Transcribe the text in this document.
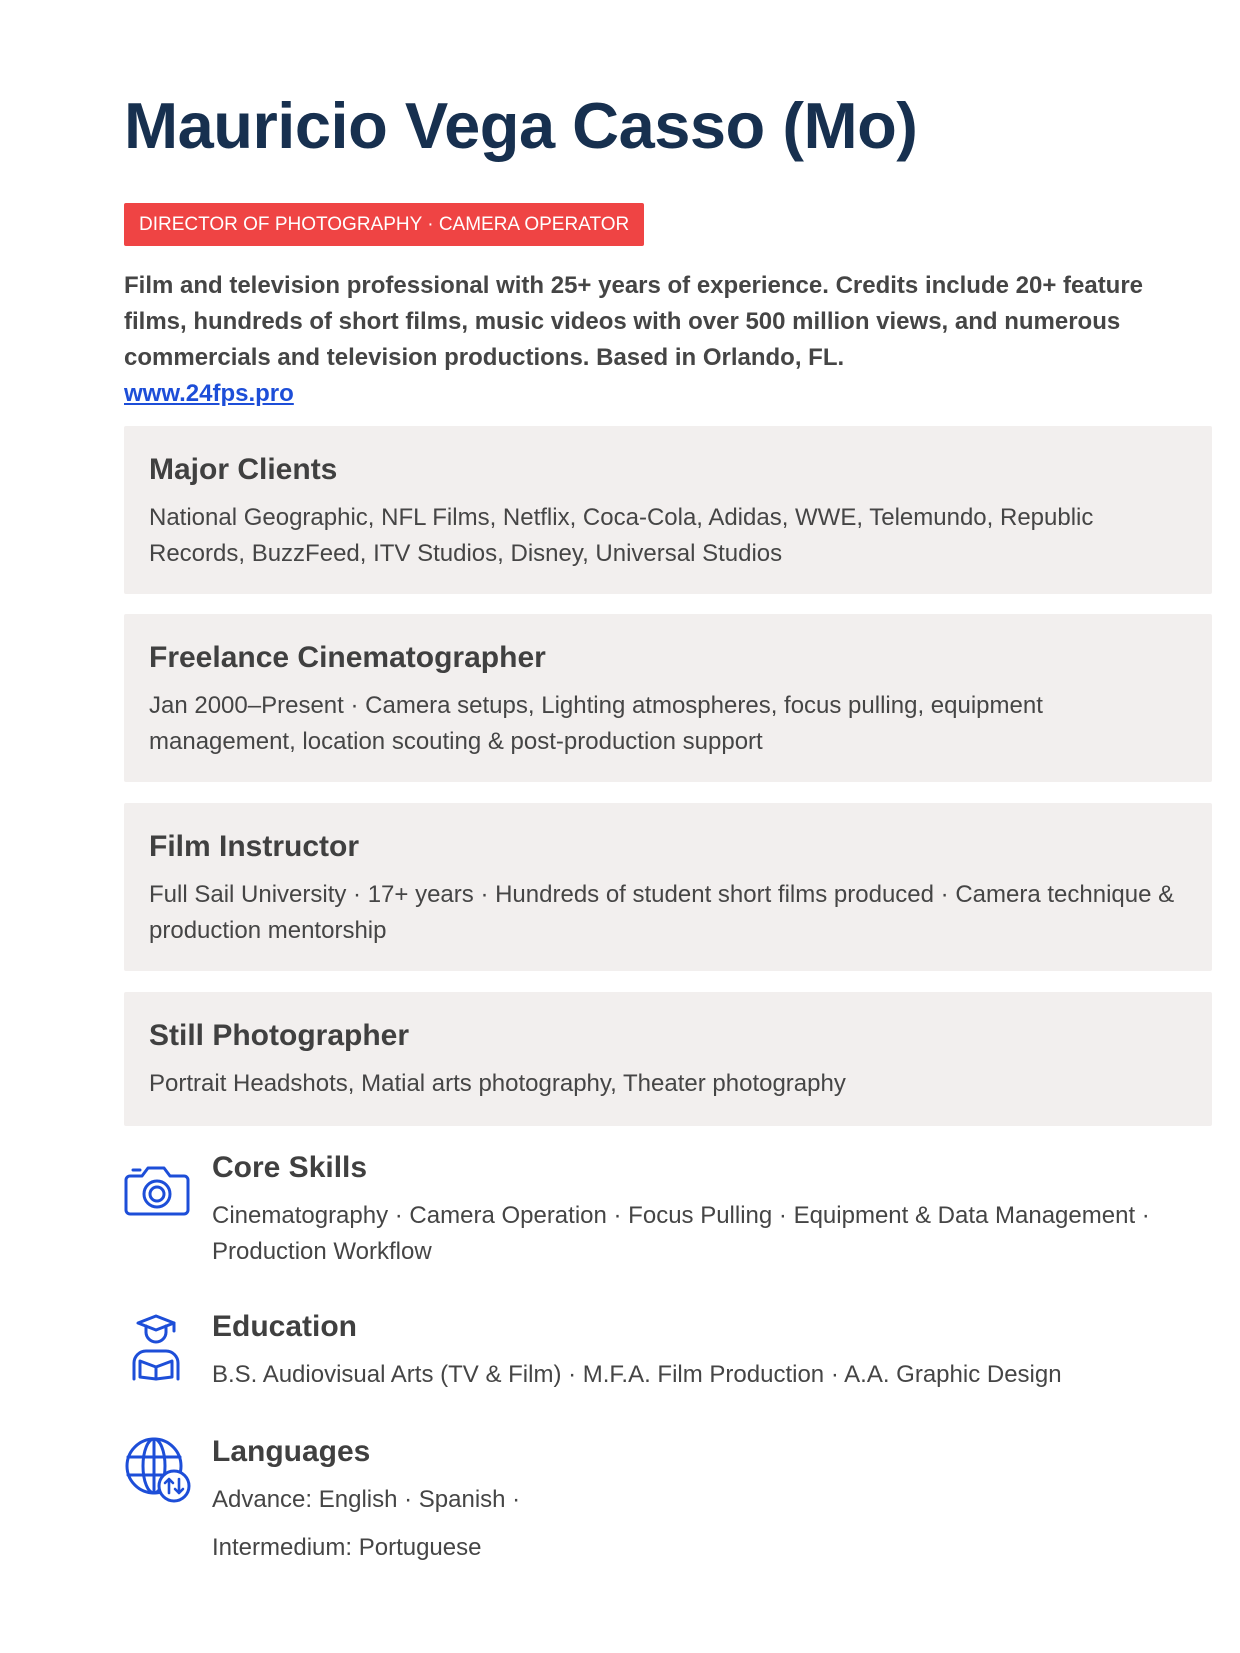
Mauricio Vega Casso (Mo)
DIRECTOR OF PHOTOGRAPHY · CAMERA OPERATOR
Film and television professional with 25+ years of experience. Credits include 20+ feature films, hundreds of short films, music videos with over 500 million views, and numerous commercials and television productions. Based in Orlando, FL.
www.24fps.pro
Major Clients

National Geographic, NFL Films, Netflix, Coca-Cola, Adidas, WWE, Telemundo, Republic Records, BuzzFeed, ITV Studios, Disney, Universal Studios

Freelance Cinematographer

Jan 2000–Present · Camera setups, Lighting atmospheres, focus pulling, equipment management, location scouting & post-production support

Film Instructor

Full Sail University · 17+ years · Hundreds of student short films produced · Camera technique & production mentorship

Still Photographer

Portrait Headshots, Matial arts photography, Theater photography

Core Skills

Cinematography · Camera Operation · Focus Pulling · Equipment & Data Management · Production Workflow

Education

B.S. Audiovisual Arts (TV & Film) · M.F.A. Film Production · A.A. Graphic Design

Languages

Advance: English · Spanish ·

Intermedium: Portuguese
